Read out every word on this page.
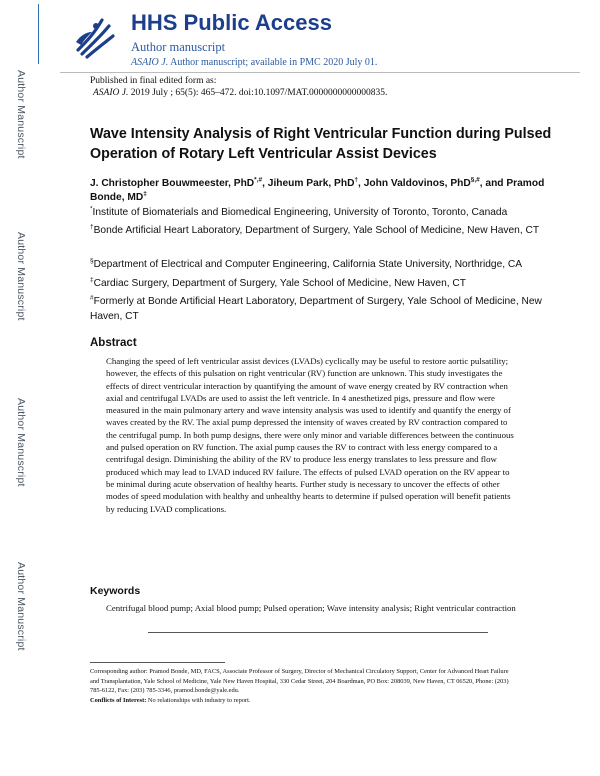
Author Manuscript
Author Manuscript
Author Manuscript
Author Manuscript
HHS Public Access
Author manuscript
ASAIO J. Author manuscript; available in PMC 2020 July 01.
Published in final edited form as:
ASAIO J. 2019 July ; 65(5): 465–472. doi:10.1097/MAT.0000000000000835.
Wave Intensity Analysis of Right Ventricular Function during Pulsed Operation of Rotary Left Ventricular Assist Devices
J. Christopher Bouwmeester, PhD*,#, Jiheum Park, PhD†, John Valdovinos, PhD§,#, and Pramod Bonde, MD‡
*Institute of Biomaterials and Biomedical Engineering, University of Toronto, Toronto, Canada
†Bonde Artificial Heart Laboratory, Department of Surgery, Yale School of Medicine, New Haven, CT
§Department of Electrical and Computer Engineering, California State University, Northridge, CA
‡Cardiac Surgery, Department of Surgery, Yale School of Medicine, New Haven, CT
#Formerly at Bonde Artificial Heart Laboratory, Department of Surgery, Yale School of Medicine, New Haven, CT
Abstract
Changing the speed of left ventricular assist devices (LVADs) cyclically may be useful to restore aortic pulsatility; however, the effects of this pulsation on right ventricular (RV) function are unknown. This study investigates the effects of direct ventricular interaction by quantifying the amount of wave energy created by RV contraction when axial and centrifugal LVADs are used to assist the left ventricle. In 4 anesthetized pigs, pressure and flow were measured in the main pulmonary artery and wave intensity analysis was used to identify and quantify the energy of waves created by the RV. The axial pump depressed the intensity of waves created by RV contraction compared to the centrifugal pump. In both pump designs, there were only minor and variable differences between the continuous and pulsed operation on RV function. The axial pump causes the RV to contract with less energy compared to a centrifugal design. Diminishing the ability of the RV to produce less energy translates to less pressure and flow produced which may lead to LVAD induced RV failure. The effects of pulsed LVAD operation on the RV appear to be minimal during acute observation of healthy hearts. Further study is necessary to uncover the effects of other modes of speed modulation with healthy and unhealthy hearts to determine if pulsed operation will benefit patients by reducing LVAD complications.
Keywords
Centrifugal blood pump; Axial blood pump; Pulsed operation; Wave intensity analysis; Right ventricular contraction
Corresponding author: Pramod Bonde, MD, FACS, Associate Professor of Surgery, Director of Mechanical Circulatory Support, Center for Advanced Heart Failure and Transplantation, Yale School of Medicine, Yale New Haven Hospital, 330 Cedar Street, 204 Boardman, PO Box: 208039, New Haven, CT 06520, Phone: (203) 785-6122, Fax: (203) 785-3346, pramod.bonde@yale.edu.
Conflicts of Interest: No relationships with industry to report.
